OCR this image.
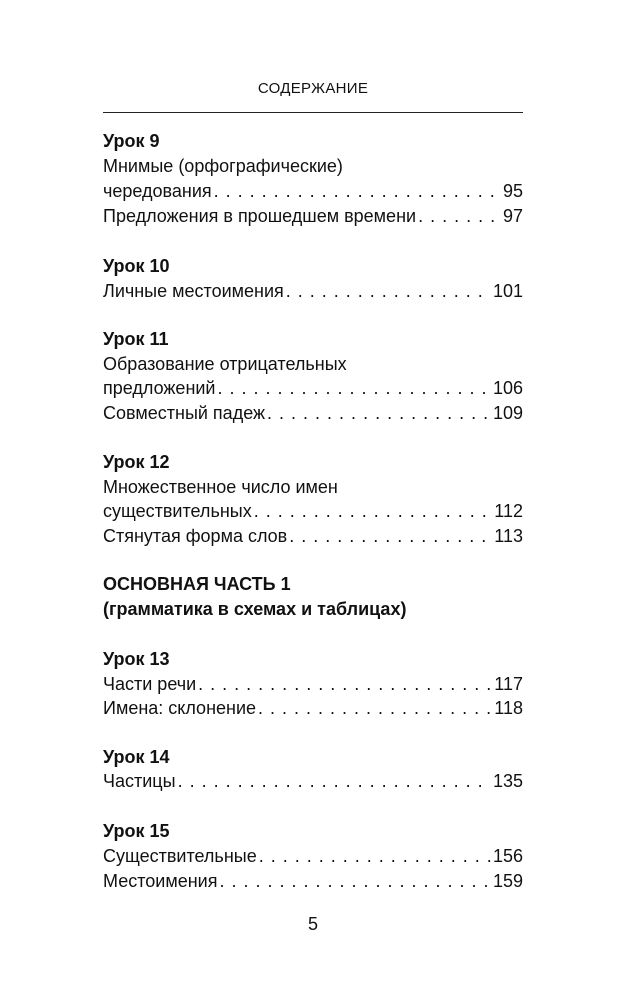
СОДЕРЖАНИЕ
Урок 9
Мнимые (орфографические)
чередования . . .	95
Предложения в прошедшем времени . . .	97
Урок 10
Личные местоимения . . .	101
Урок 11
Образование отрицательных
предложений . . .	106
Совместный падеж . . .	109
Урок 12
Множественное число имен
существительных . . .	112
Стянутая форма слов . . .	113
ОСНОВНАЯ ЧАСТЬ 1
(грамматика в схемах и таблицах)
Урок 13
Части речи . . .	117
Имена: склонение . . .	118
Урок 14
Частицы . . .	135
Урок 15
Существительные . . .	156
Местоимения . . .	159
5
